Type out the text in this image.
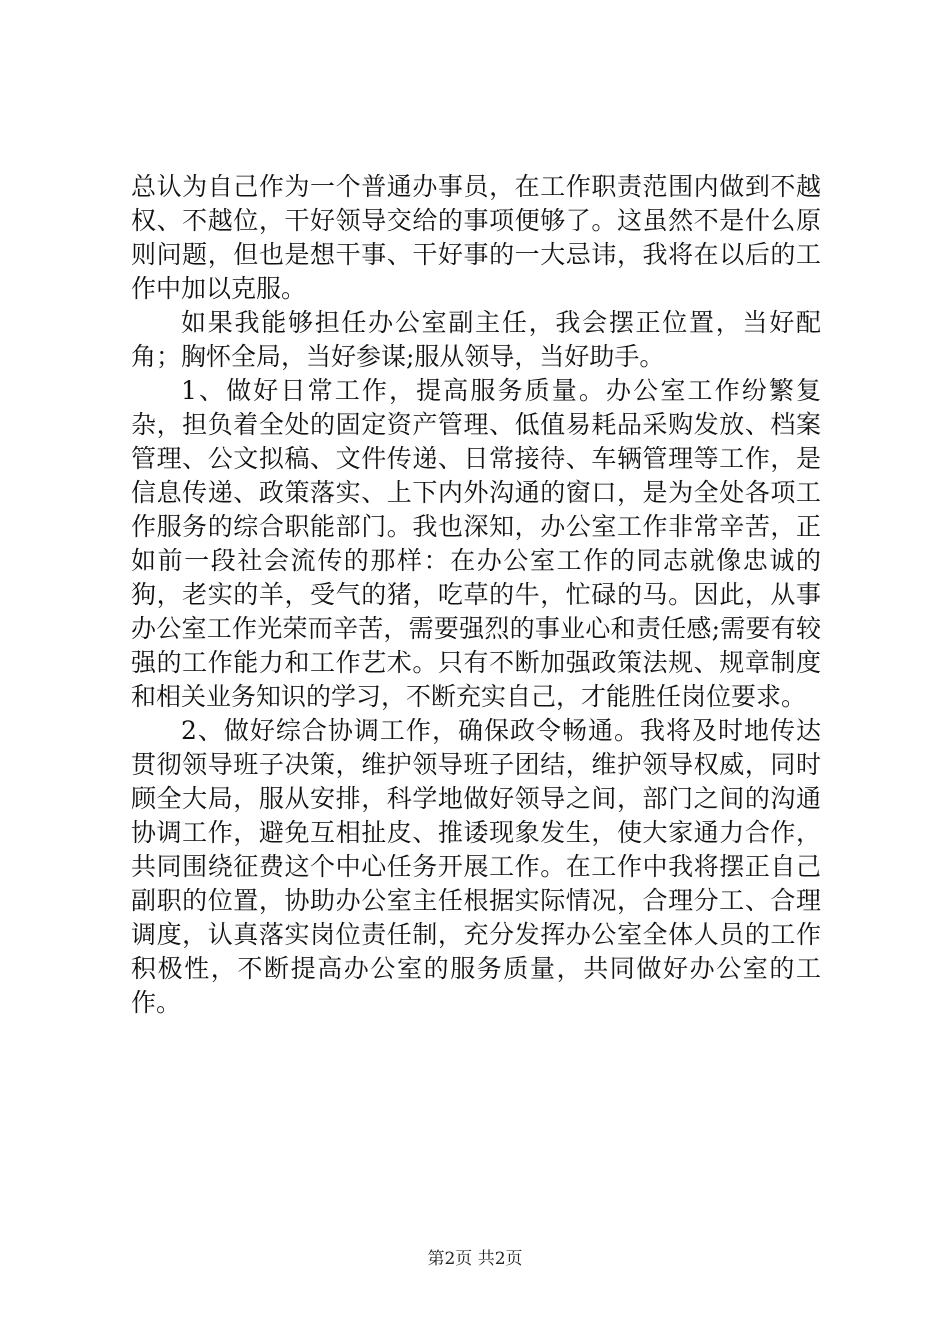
总认为自己作为一个普通办事员，在工作职责范围内做到不越权、不越位，干好领导交给的事项便够了。这虽然不是什么原则问题，但也是想干事、干好事的一大忌讳，我将在以后的工作中加以克服。

如果我能够担任办公室副主任，我会摆正位置，当好配角；胸怀全局，当好参谋;服从领导，当好助手。

1、做好日常工作，提高服务质量。办公室工作纷繁复杂，担负着全处的固定资产管理、低值易耗品采购发放、档案管理、公文拟稿、文件传递、日常接待、车辆管理等工作，是信息传递、政策落实、上下内外沟通的窗口，是为全处各项工作服务的综合职能部门。我也深知，办公室工作非常辛苦，正如前一段社会流传的那样：在办公室工作的同志就像忠诚的狗，老实的羊，受气的猪，吃草的牛，忙碌的马。因此，从事办公室工作光荣而辛苦，需要强烈的事业心和责任感;需要有较强的工作能力和工作艺术。只有不断加强政策法规、规章制度和相关业务知识的学习，不断充实自己，才能胜任岗位要求。

2、做好综合协调工作，确保政令畅通。我将及时地传达贯彻领导班子决策，维护领导班子团结，维护领导权威，同时顾全大局，服从安排，科学地做好领导之间，部门之间的沟通协调工作，避免互相扯皮、推诿现象发生，使大家通力合作，共同围绕征费这个中心任务开展工作。在工作中我将摆正自己副职的位置，协助办公室主任根据实际情况，合理分工、合理调度，认真落实岗位责任制，充分发挥办公室全体人员的工作积极性，不断提高办公室的服务质量，共同做好办公室的工作。

第2页 共2页
